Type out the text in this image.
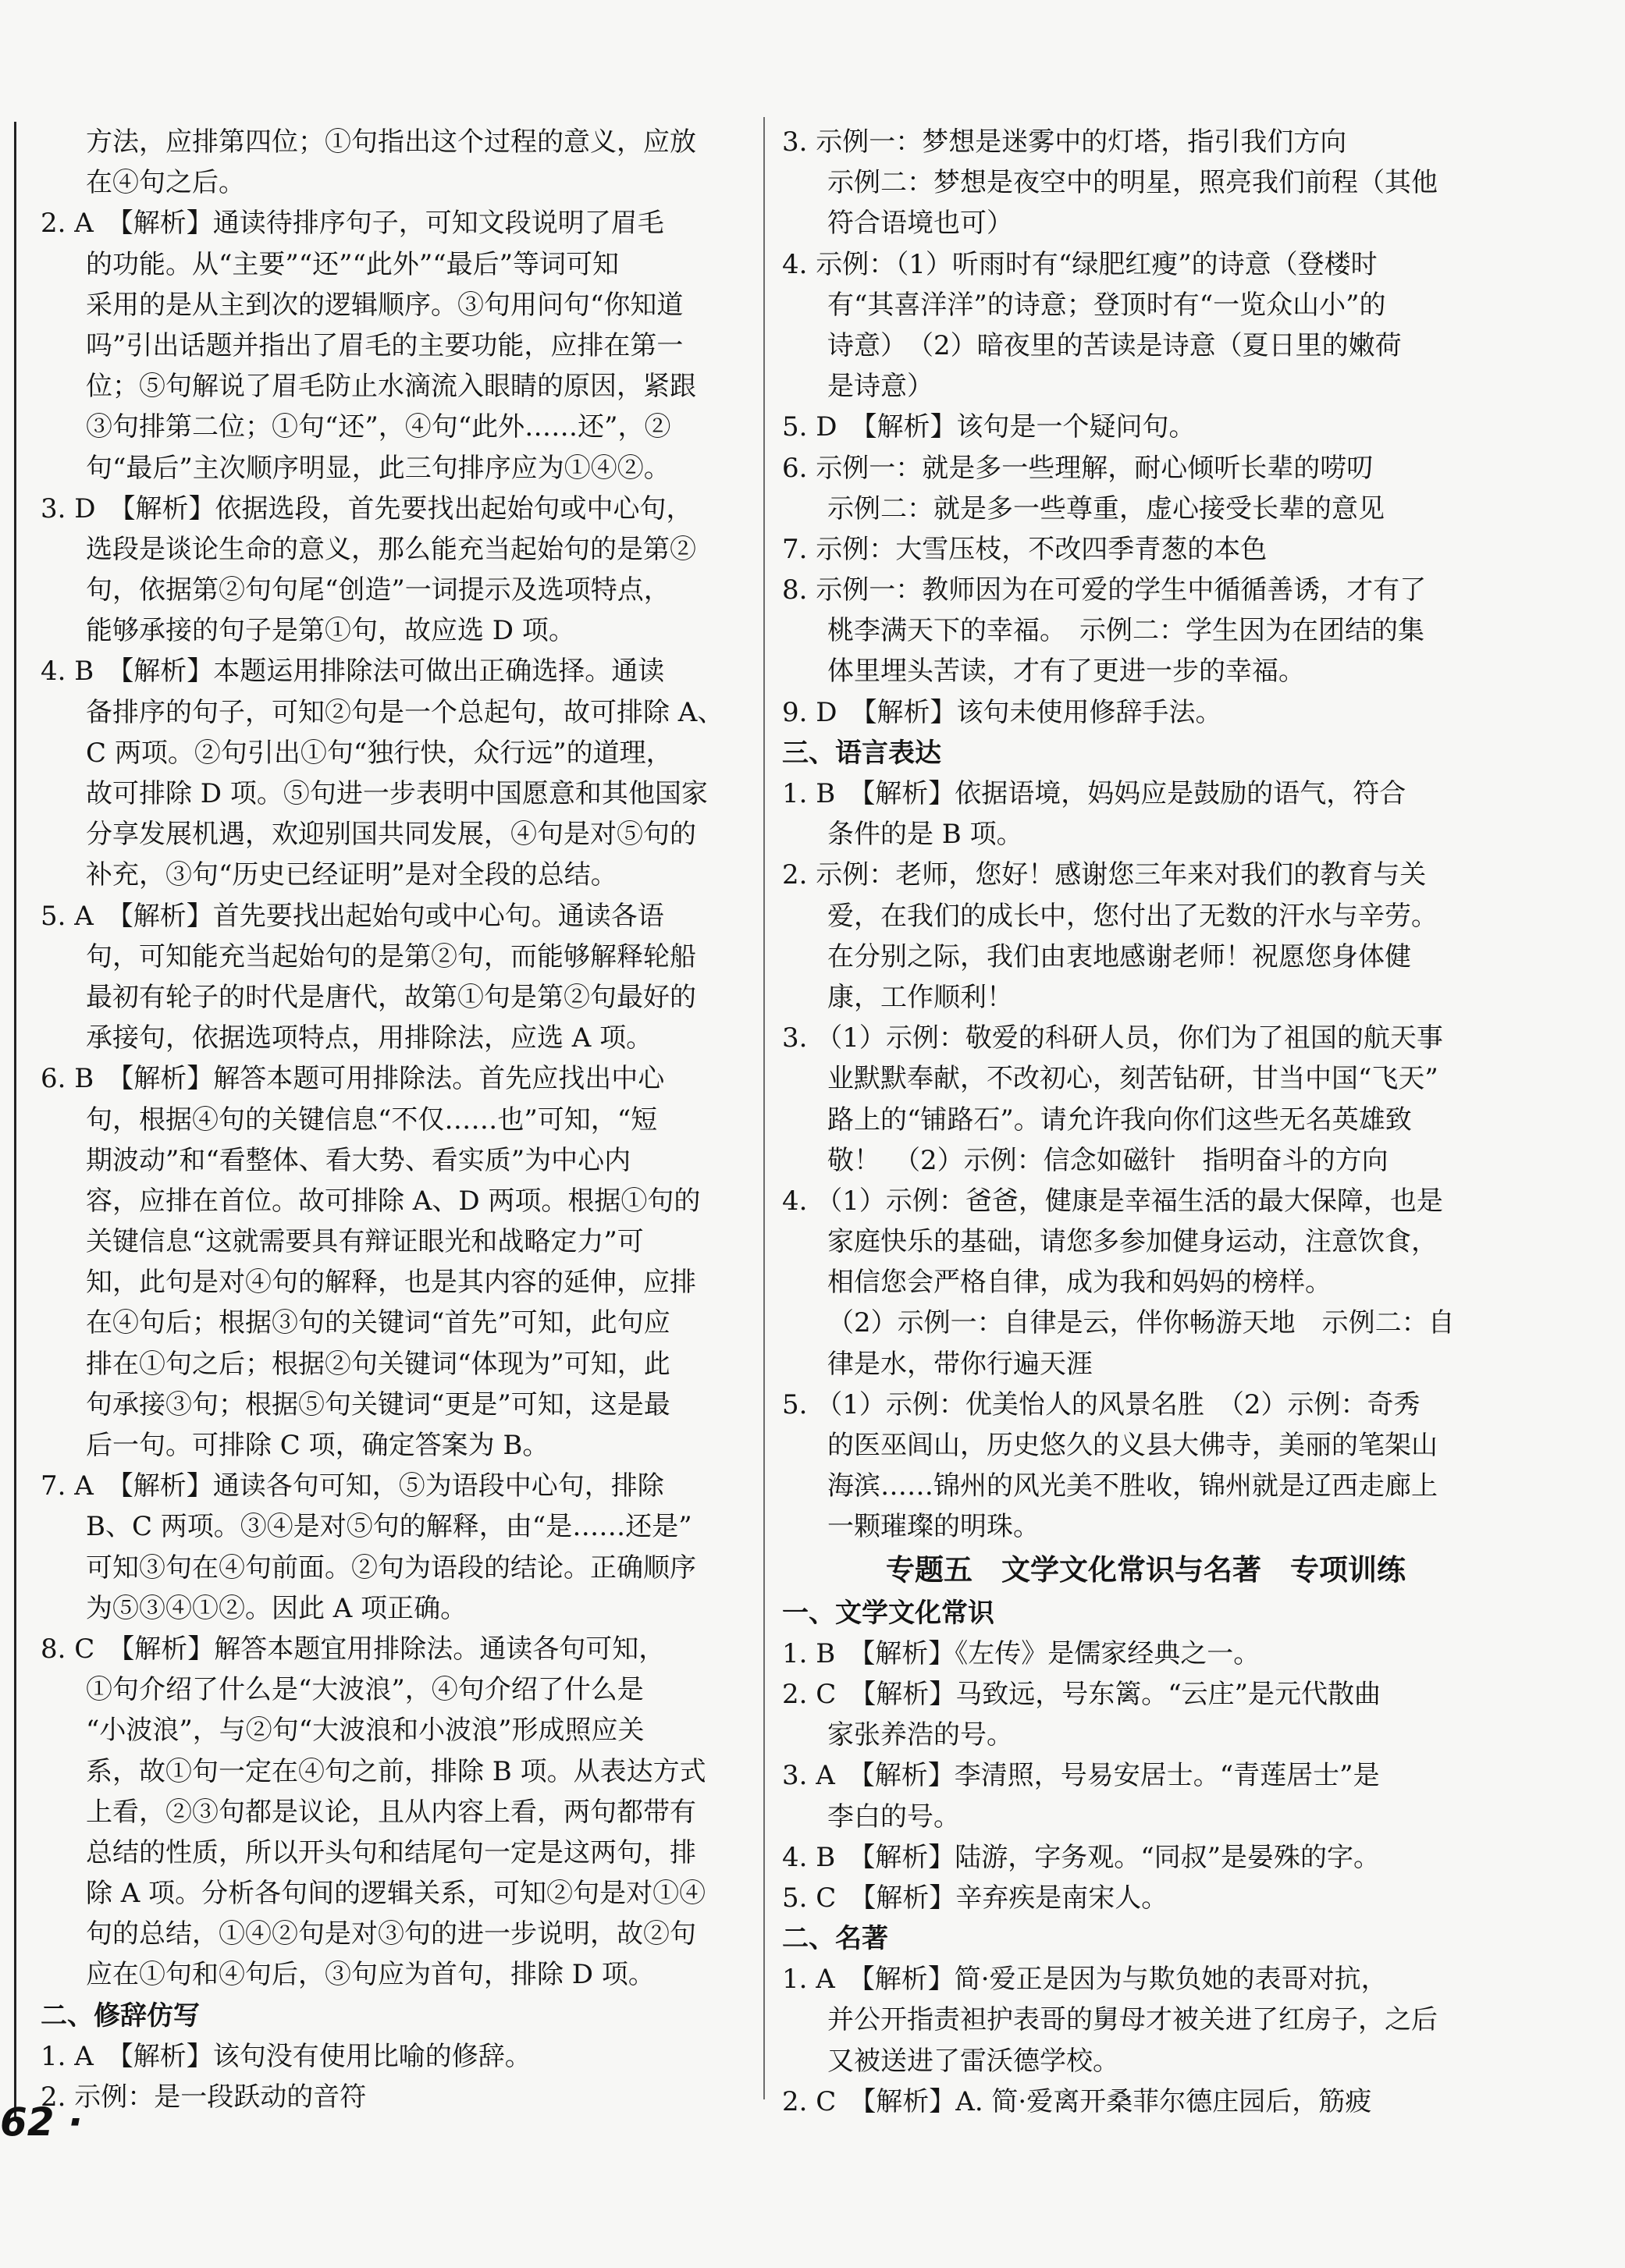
方法，应排第四位；①句指出这个过程的意义，应放
在④句之后。
2. A　【解析】通读待排序句子，可知文段说明了眉毛
的功能。从“主要”“还”“此外”“最后”等词可知
采用的是从主到次的逻辑顺序。③句用问句“你知道
吗”引出话题并指出了眉毛的主要功能，应排在第一
位；⑤句解说了眉毛防止水滴流入眼睛的原因，紧跟
③句排第二位；①句“还”，④句“此外……还”，②
句“最后”主次顺序明显，此三句排序应为①④②。
3. D　【解析】依据选段，首先要找出起始句或中心句，
选段是谈论生命的意义，那么能充当起始句的是第②
句，依据第②句句尾“创造”一词提示及选项特点，
能够承接的句子是第①句，故应选 D 项。
4. B　【解析】本题运用排除法可做出正确选择。通读
备排序的句子，可知②句是一个总起句，故可排除 A、
C 两项。②句引出①句“独行快，众行远”的道理，
故可排除 D 项。⑤句进一步表明中国愿意和其他国家
分享发展机遇，欢迎别国共同发展，④句是对⑤句的
补充，③句“历史已经证明”是对全段的总结。
5. A　【解析】首先要找出起始句或中心句。通读各语
句，可知能充当起始句的是第②句，而能够解释轮船
最初有轮子的时代是唐代，故第①句是第②句最好的
承接句，依据选项特点，用排除法，应选 A 项。
6. B　【解析】解答本题可用排除法。首先应找出中心
句，根据④句的关键信息“不仅……也”可知，“短
期波动”和“看整体、看大势、看实质”为中心内
容，应排在首位。故可排除 A、D 两项。根据①句的
关键信息“这就需要具有辩证眼光和战略定力”可
知，此句是对④句的解释，也是其内容的延伸，应排
在④句后；根据③句的关键词“首先”可知，此句应
排在①句之后；根据②句关键词“体现为”可知，此
句承接③句；根据⑤句关键词“更是”可知，这是最
后一句。可排除 C 项，确定答案为 B。
7. A　【解析】通读各句可知，⑤为语段中心句，排除
B、C 两项。③④是对⑤句的解释，由“是……还是”
可知③句在④句前面。②句为语段的结论。正确顺序
为⑤③④①②。因此 A 项正确。
8. C　【解析】解答本题宜用排除法。通读各句可知，
①句介绍了什么是“大波浪”，④句介绍了什么是
“小波浪”，与②句“大波浪和小波浪”形成照应关
系，故①句一定在④句之前，排除 B 项。从表达方式
上看，②③句都是议论，且从内容上看，两句都带有
总结的性质，所以开头句和结尾句一定是这两句，排
除 A 项。分析各句间的逻辑关系，可知②句是对①④
句的总结，①④②句是对③句的进一步说明，故②句
应在①句和④句后，③句应为首句，排除 D 项。
二、修辞仿写
1. A　【解析】该句没有使用比喻的修辞。
2. 示例：是一段跃动的音符
3. 示例一：梦想是迷雾中的灯塔，指引我们方向
示例二：梦想是夜空中的明星，照亮我们前程（其他
符合语境也可）
4. 示例：（1）听雨时有“绿肥红瘦”的诗意（登楼时
有“其喜洋洋”的诗意；登顶时有“一览众山小”的
诗意）　（2）暗夜里的苦读是诗意（夏日里的嫩荷
是诗意）
5. D　【解析】该句是一个疑问句。
6. 示例一：就是多一些理解，耐心倾听长辈的唠叨
示例二：就是多一些尊重，虚心接受长辈的意见
7. 示例：大雪压枝，不改四季青葱的本色
8. 示例一：教师因为在可爱的学生中循循善诱，才有了
桃李满天下的幸福。　示例二：学生因为在团结的集
体里埋头苦读，才有了更进一步的幸福。
9. D　【解析】该句未使用修辞手法。
三、语言表达
1. B　【解析】依据语境，妈妈应是鼓励的语气，符合
条件的是 B 项。
2. 示例：老师，您好！感谢您三年来对我们的教育与关
爱，在我们的成长中，您付出了无数的汗水与辛劳。
在分别之际，我们由衷地感谢老师！祝愿您身体健
康，工作顺利！
3. （1）示例：敬爱的科研人员，你们为了祖国的航天事
业默默奉献，不改初心，刻苦钻研，甘当中国“飞天”
路上的“铺路石”。请允许我向你们这些无名英雄致
敬！　（2）示例：信念如磁针　指明奋斗的方向
4. （1）示例：爸爸，健康是幸福生活的最大保障，也是
家庭快乐的基础，请您多参加健身运动，注意饮食，
相信您会严格自律，成为我和妈妈的榜样。
（2）示例一：自律是云，伴你畅游天地　示例二：自
律是水，带你行遍天涯
5. （1）示例：优美怡人的风景名胜　（2）示例：奇秀
的医巫闾山，历史悠久的义县大佛寺，美丽的笔架山
海滨……锦州的风光美不胜收，锦州就是辽西走廊上
一颗璀璨的明珠。
专题五　文学文化常识与名著　专项训练
一、文学文化常识
1. B　【解析】《左传》是儒家经典之一。
2. C　【解析】马致远，号东篱。“云庄”是元代散曲
家张养浩的号。
3. A　【解析】李清照，号易安居士。“青莲居士”是
李白的号。
4. B　【解析】陆游，字务观。“同叔”是晏殊的字。
5. C　【解析】辛弃疾是南宋人。
二、名著
1. A　【解析】简·爱正是因为与欺负她的表哥对抗，
并公开指责袒护表哥的舅母才被关进了红房子，之后
又被送进了雷沃德学校。
2. C　【解析】A. 简·爱离开桑菲尔德庄园后，筋疲
62 ·
